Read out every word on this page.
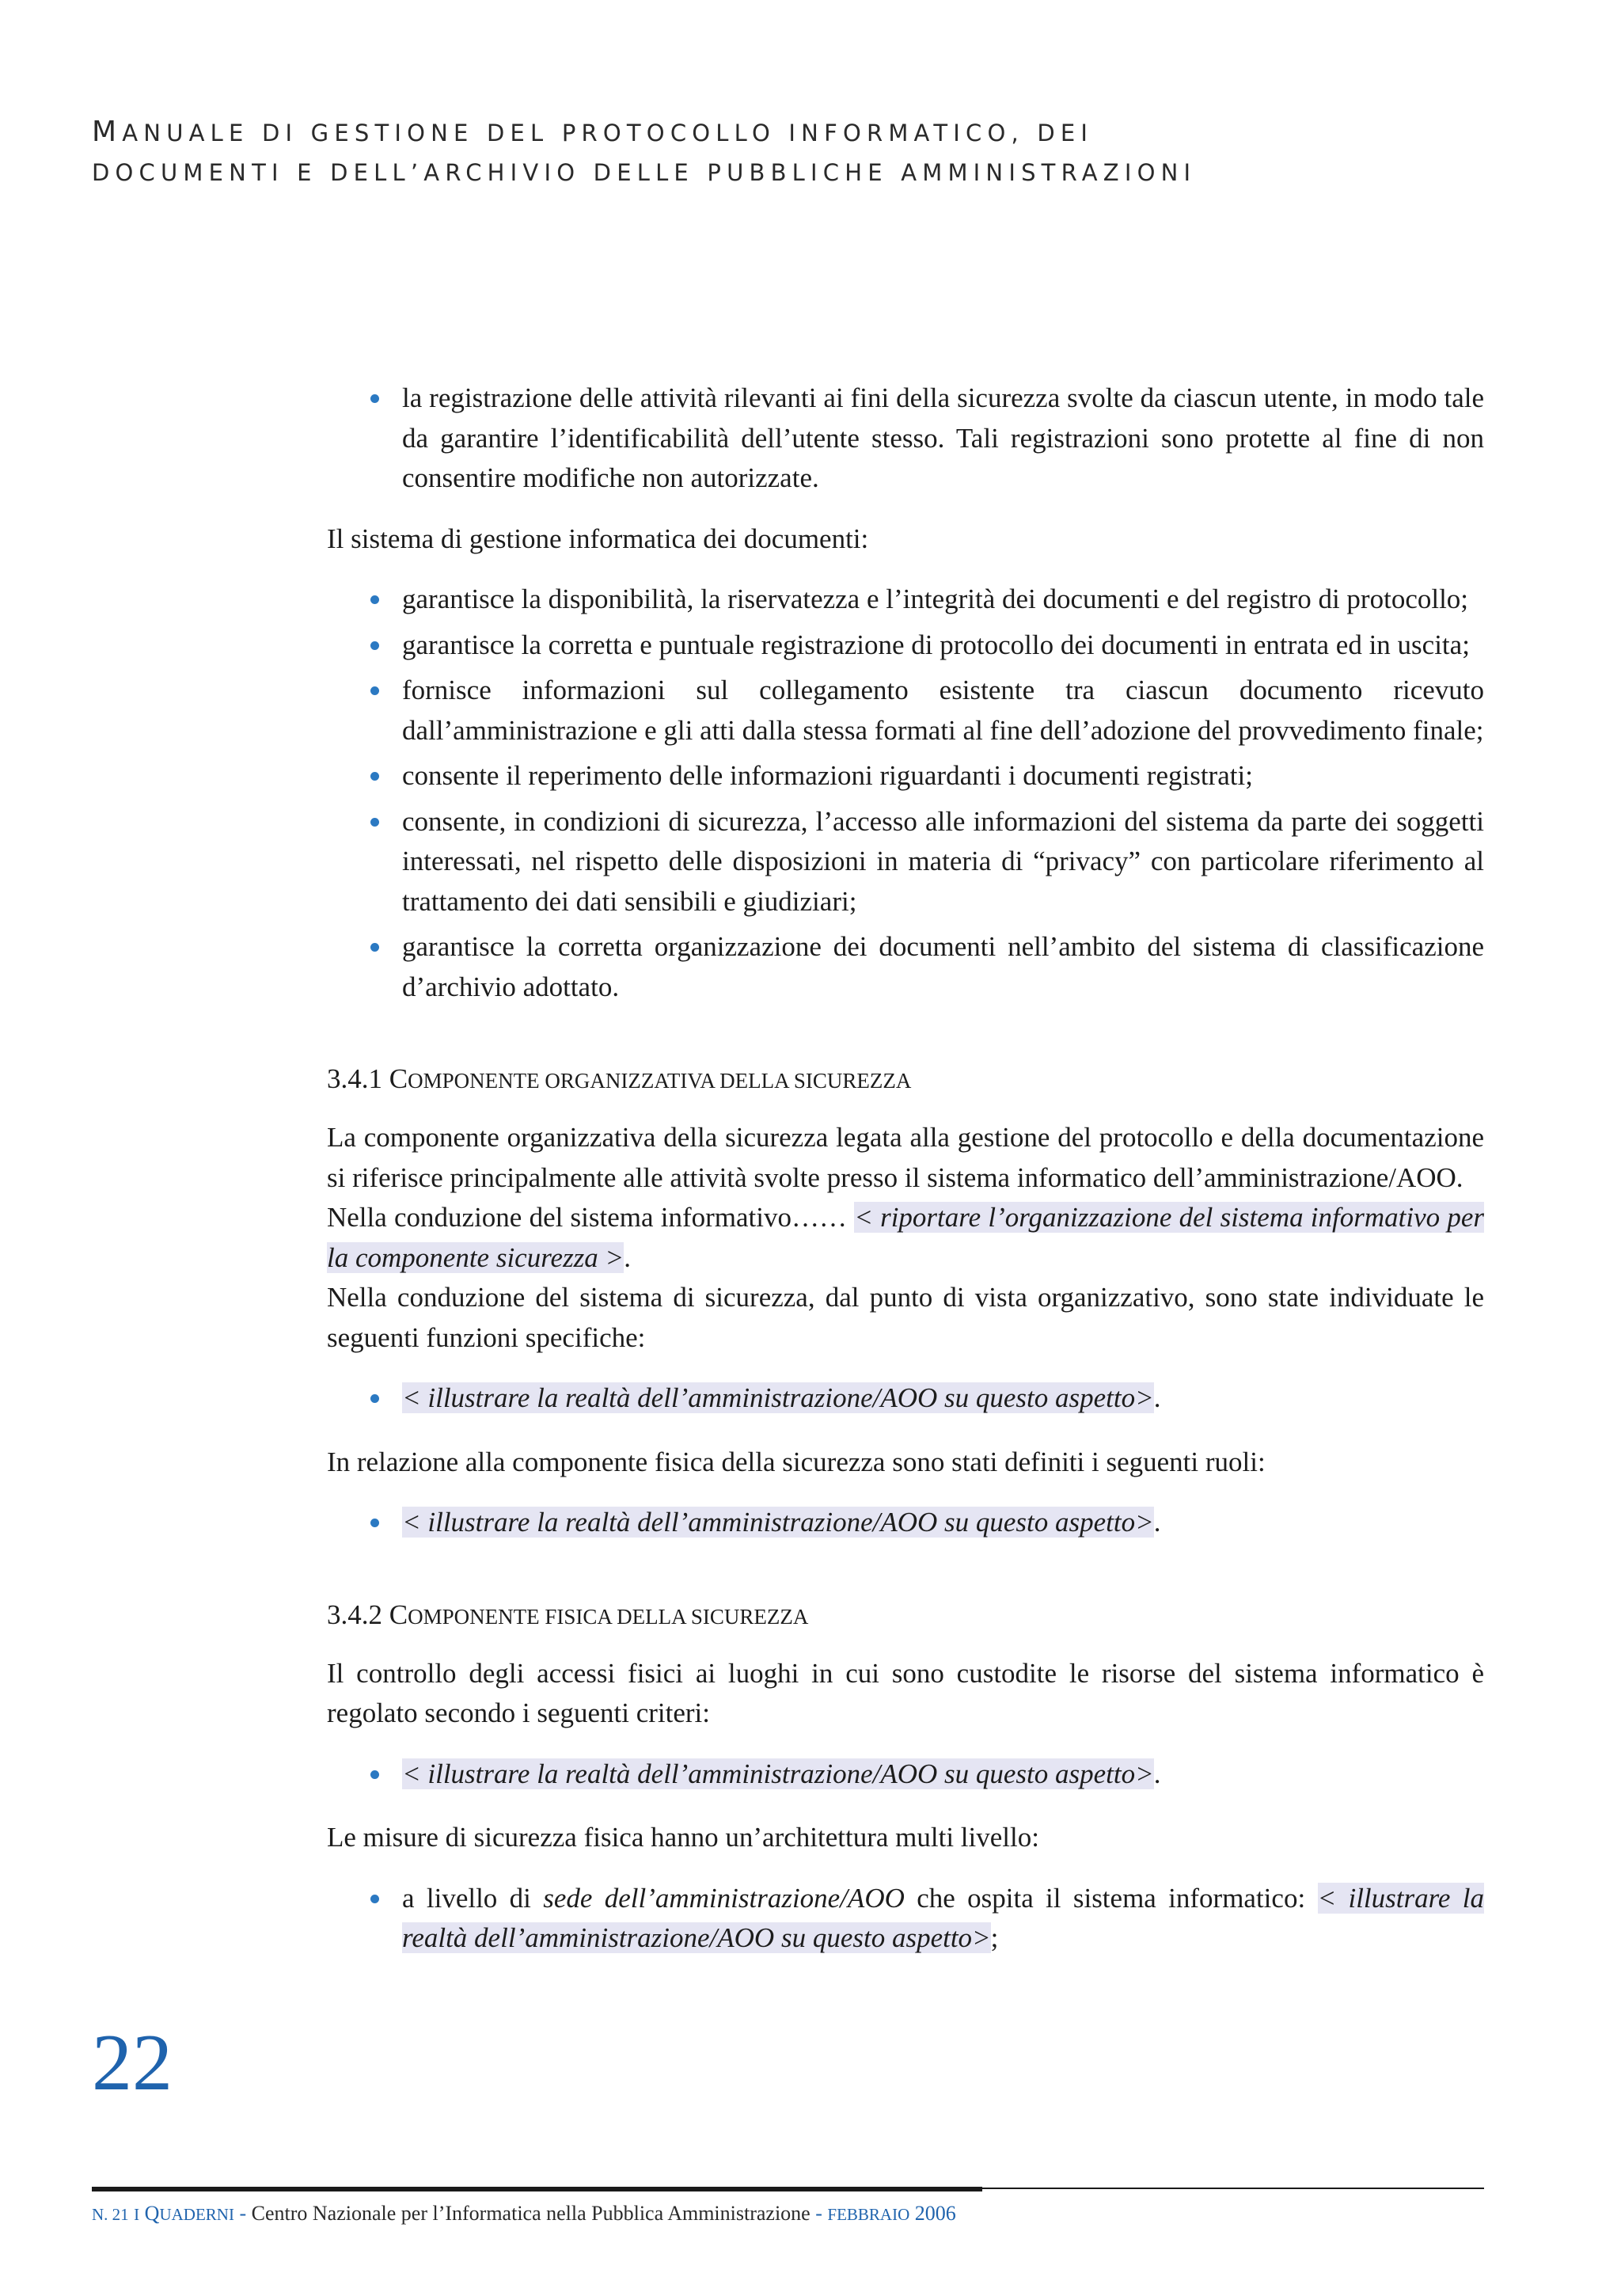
MANUALE DI GESTIONE DEL PROTOCOLLO INFORMATICO, DEI
DOCUMENTI E DELL’ARCHIVIO DELLE PUBBLICHE AMMINISTRAZIONI
la registrazione delle attività rilevanti ai fini della sicurezza svolte da ciascun utente, in modo tale da garantire l’identificabilità dell’utente stesso. Tali registrazioni sono protette al fine di non consentire modifiche non autorizzate.

Il sistema di gestione informatica dei documenti:

garantisce la disponibilità, la riservatezza e l’integrità dei documenti e del registro di protocollo;
garantisce la corretta e puntuale registrazione di protocollo dei documenti in entrata ed in uscita;
fornisce informazioni sul collegamento esistente tra ciascun documento ricevuto dall’amministrazione e gli atti dalla stessa formati al fine dell’adozione del provvedimento finale;
consente il reperimento delle informazioni riguardanti i documenti registrati;
consente, in condizioni di sicurezza, l’accesso alle informazioni del sistema da parte dei soggetti interessati, nel rispetto delle disposizioni in materia di “privacy” con particolare riferimento al trattamento dei dati sensibili e giudiziari;
garantisce la corretta organizzazione dei documenti nell’ambito del sistema di classificazione d’archivio adottato.

3.4.1 COMPONENTE ORGANIZZATIVA DELLA SICUREZZA

La componente organizzativa della sicurezza legata alla gestione del protocollo e della documentazione si riferisce principalmente alle attività svolte presso il sistema informatico dell’amministrazione/AOO.

Nella conduzione del sistema informativo…… < riportare l’organizzazione del sistema informativo per la componente sicurezza >.

Nella conduzione del sistema di sicurezza, dal punto di vista organizzativo, sono state individuate le seguenti funzioni specifiche:

< illustrare la realtà dell’amministrazione/AOO su questo aspetto>.

In relazione alla componente fisica della sicurezza sono stati definiti i seguenti ruoli:

< illustrare la realtà dell’amministrazione/AOO su questo aspetto>.

3.4.2 COMPONENTE FISICA DELLA SICUREZZA

Il controllo degli accessi fisici ai luoghi in cui sono custodite le risorse del sistema informatico è regolato secondo i seguenti criteri:

< illustrare la realtà dell’amministrazione/AOO su questo aspetto>.

Le misure di sicurezza fisica hanno un’architettura multi livello:

a livello di sede dell’amministrazione/AOO che ospita il sistema informatico: < illustrare la realtà dell’amministrazione/AOO su questo aspetto>;
22
N. 21 I QUADERNI - Centro Nazionale per l’Informatica nella Pubblica Amministrazione - FEBBRAIO 2006
